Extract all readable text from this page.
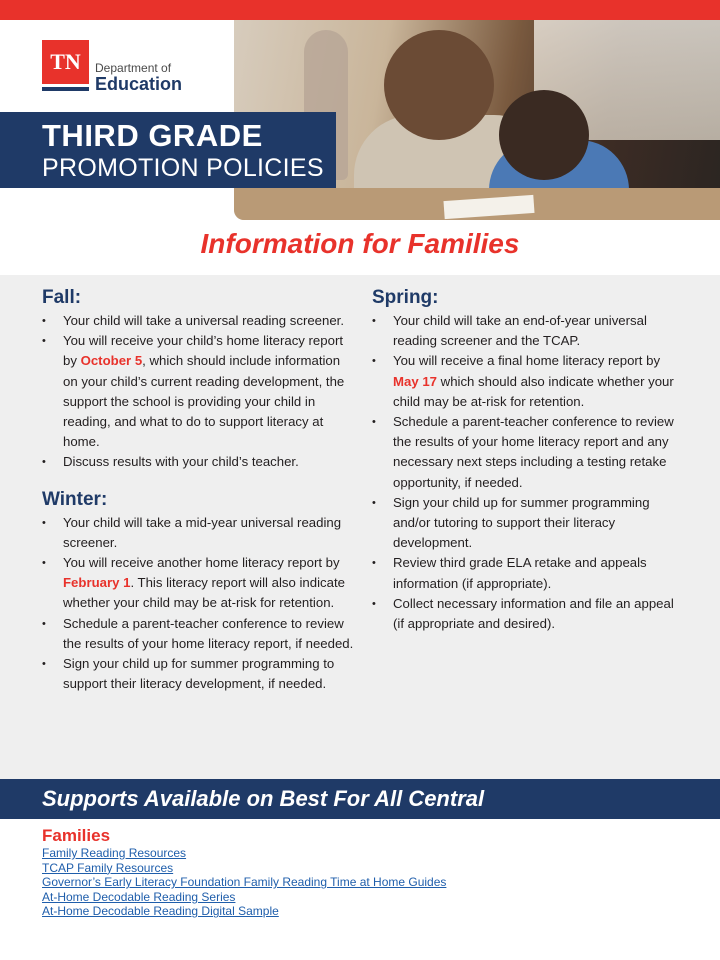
TN	Department of
Education
THIRD GRADE
PROMOTION POLICIES
Information for Families
Fall:
• Your child will take a universal reading screener.
• You will receive your child’s home literacy report by October 5, which should include information on your child’s current reading development, the support the school is providing your child in reading, and what to do to support literacy at home.
• Discuss results with your child’s teacher.
Winter:
• Your child will take a mid-year universal reading screener.
• You will receive another home literacy report by February 1. This literacy report will also indicate whether your child may be at-risk for retention.
• Schedule a parent-teacher conference to review the results of your home literacy report, if needed.
• Sign your child up for summer programming to support their literacy development, if needed.
Spring:
• Your child will take an end-of-year universal reading screener and the TCAP.
• You will receive a final home literacy report by May 17 which should also indicate whether your child may be at-risk for retention.
• Schedule a parent-teacher conference to review the results of your home literacy report and any necessary next steps including a testing retake opportunity, if needed.
• Sign your child up for summer programming and/or tutoring to support their literacy development.
• Review third grade ELA retake and appeals information (if appropriate).
• Collect necessary information and file an appeal (if appropriate and desired).
Supports Available on Best For All Central
Families
Family Reading Resources
TCAP Family Resources
Governor’s Early Literacy Foundation Family Reading Time at Home Guides
At-Home Decodable Reading Series
At-Home Decodable Reading Digital Sample
